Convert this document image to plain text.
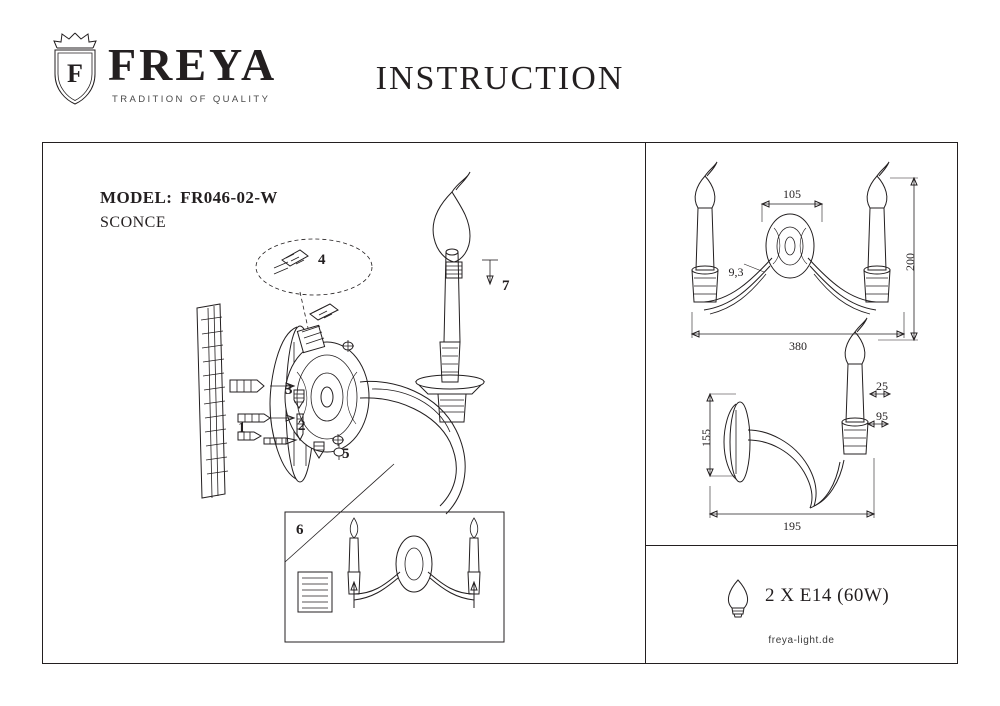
F FREYA
TRADITION OF QUALITY
INSTRUCTION
MODEL: FR046-02-W
SCONCE
4
1	2
3
5
7
6
105
9,3
200
380
25
95
155
195
2 X E14 (60W)
freya-light.de
